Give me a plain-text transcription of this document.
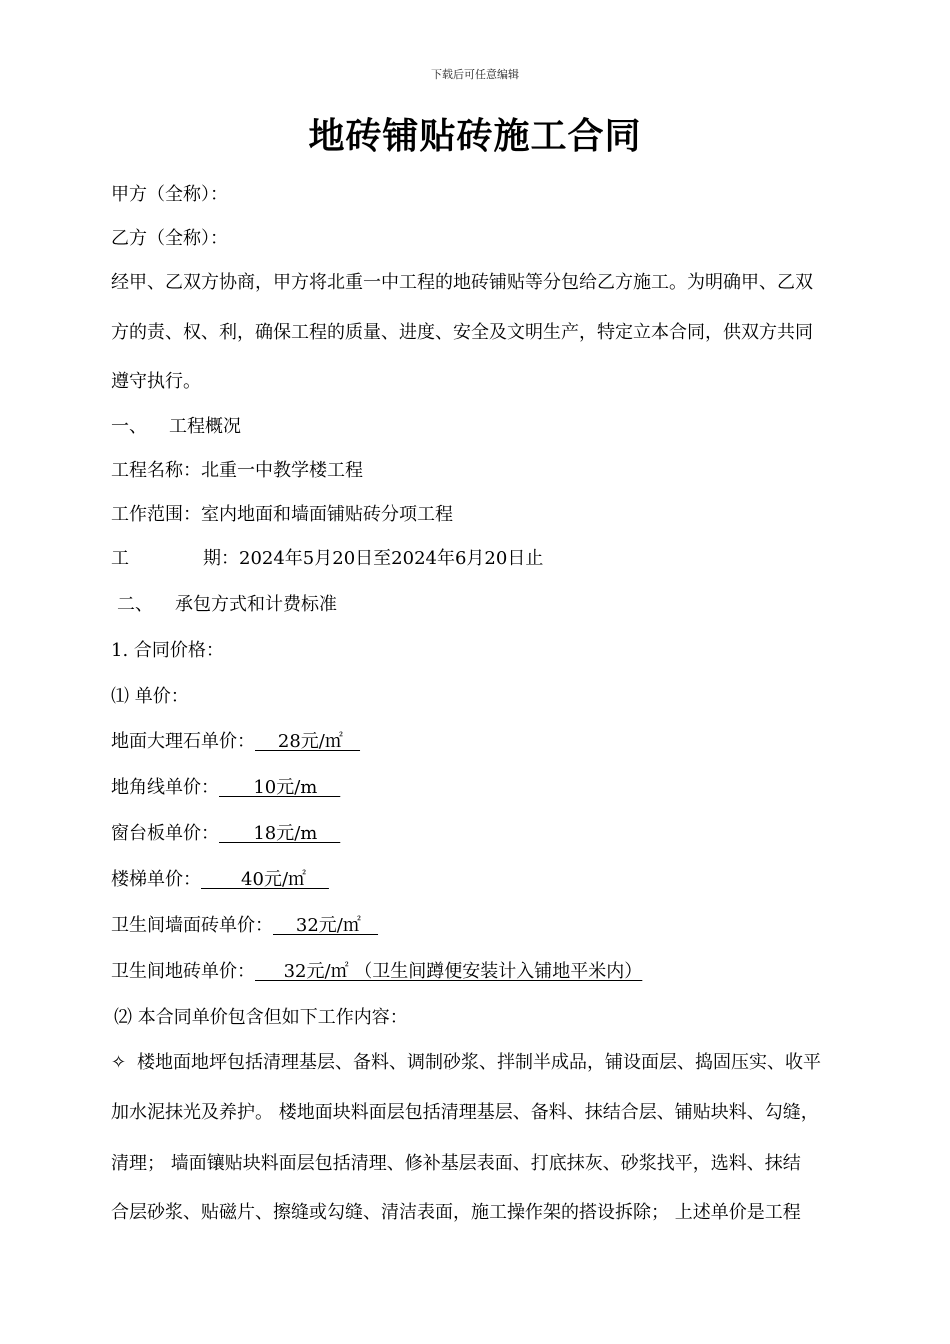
下载后可任意编辑
地砖铺贴砖施工合同
甲方（全称）：
乙方（全称）：
经甲、乙双方协商，甲方将北重一中工程的地砖铺贴等分包给乙方施工。为明确甲、乙双
方的责、权、利，确保工程的质量、进度、安全及文明生产，特定立本合同，供双方共同
遵守执行。
一、 工程概况
工程名称：北重一中教学楼工程
工作范围：室内地面和墙面铺贴砖分项工程
工	期：2024年5月20日至2024年6月20日止
二、 承包方式和计费标准
1. 合同价格：
⑴ 单价：
地面大理石单价：    28元/㎡
地角线单价：      10元/m
窗台板单价：      18元/m
楼梯单价：       40元/㎡
卫生间墙面砖单价：    32元/㎡
卫生间地砖单价：     32元/㎡ （卫生间蹲便安装计入铺地平米内）
⑵ 本合同单价包含但如下工作内容：
✧ 楼地面地坪包括清理基层、备料、调制砂浆、拌制半成品，铺设面层、捣固压实、收平
加水泥抹光及养护。 楼地面块料面层包括清理基层、备料、抹结合层、铺贴块料、勾缝，
清理； 墙面镶贴块料面层包括清理、修补基层表面、打底抹灰、砂浆找平，选料、抹结
合层砂浆、贴磁片、擦缝或勾缝、清洁表面，施工操作架的搭设拆除； 上述单价是工程
